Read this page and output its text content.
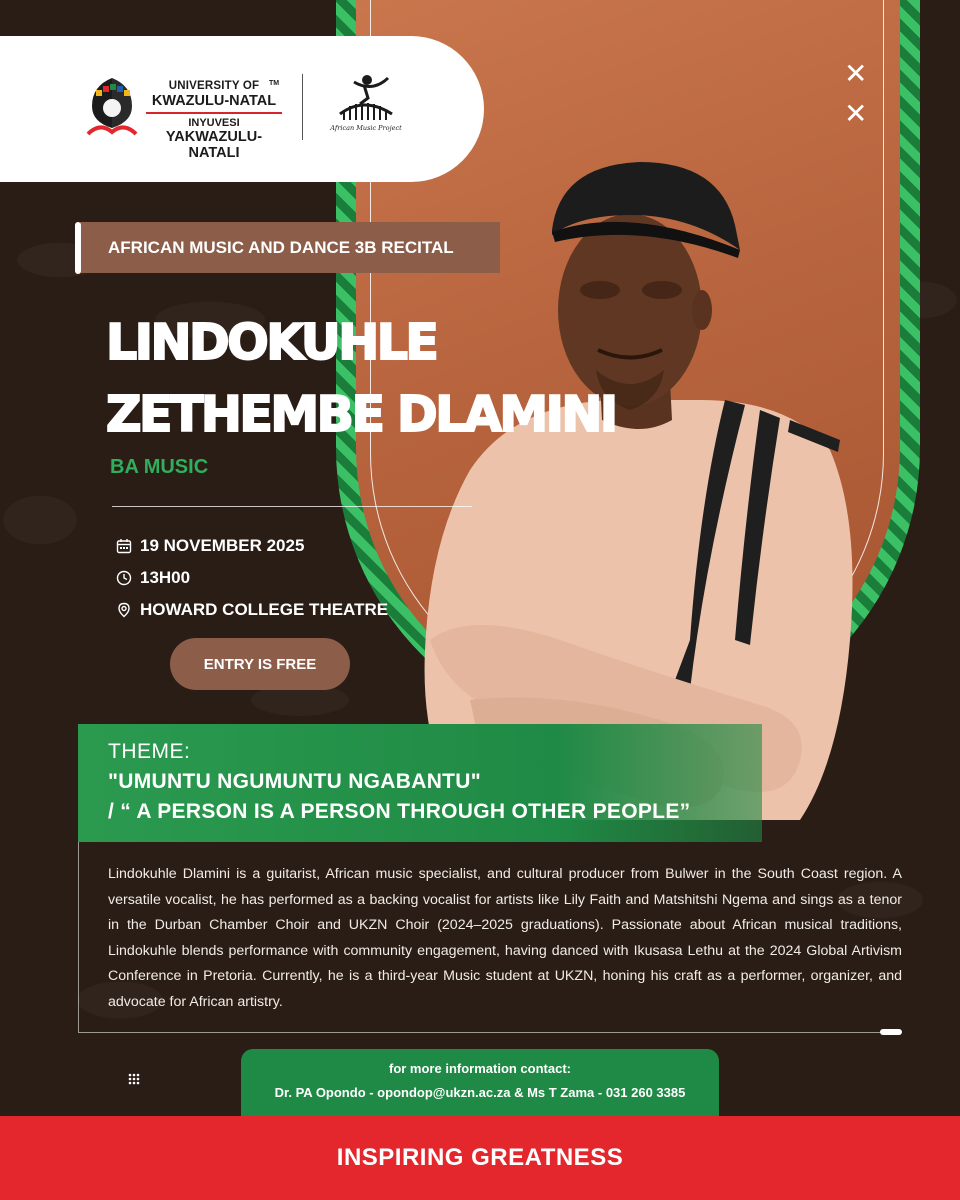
UNIVERSITY OF
KWAZULU-NATAL
INYUVESI
YAKWAZULU-NATALI
TM
African Music Project
✕
✕
AFRICAN MUSIC AND DANCE 3B RECITAL
LINDOKUHLE
ZETHEMBE DLAMINI
BA MUSIC
19 NOVEMBER 2025
13H00
HOWARD COLLEGE THEATRE
ENTRY IS FREE
THEME:
"UMUNTU NGUMUNTU NGABANTU"
/ “ A PERSON IS A PERSON THROUGH OTHER PEOPLE”
Lindokuhle Dlamini is a guitarist, African music specialist, and cultural producer from Bulwer in the South Coast region. A versatile vocalist, he has performed as a backing vocalist for artists like Lily Faith and Matshitshi Ngema and sings as a tenor in the Durban Chamber Choir and UKZN Choir (2024–2025 graduations). Passionate about African musical traditions, Lindokuhle blends performance with community engagement, having danced with Ikusasa Lethu at the 2024 Global Artivism Conference in Pretoria. Currently, he is a third-year Music student at UKZN, honing his craft as a performer, organizer, and advocate for African artistry.
for more information contact:
Dr. PA Opondo - opondop@ukzn.ac.za & Ms T Zama - 031 260 3385
INSPIRING GREATNESS
